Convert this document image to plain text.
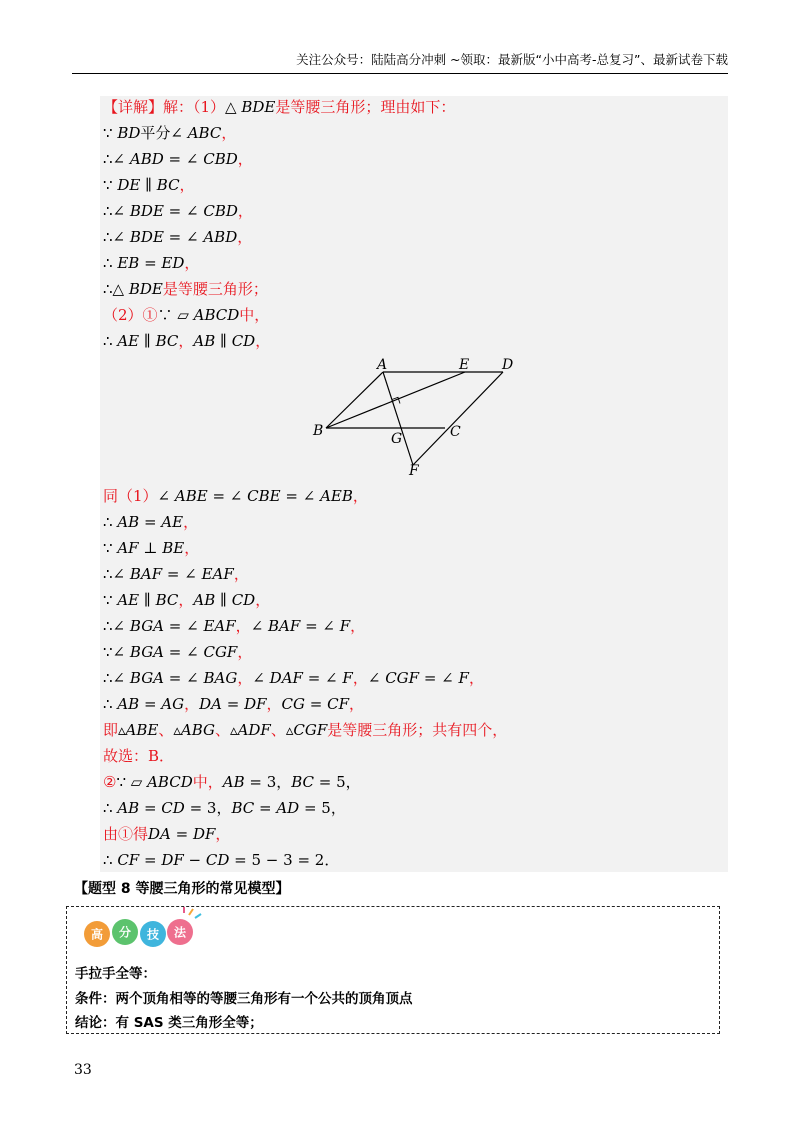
关注公众号：陆陆高分冲刺 ~领取：最新版“小中高考-总复习”、最新试卷下载
【详解】解：（1）△ BDE是等腰三角形；理由如下：
∵ BD平分∠ ABC，
∴∠ ABD = ∠ CBD，
∵ DE ∥ BC，
∴∠ BDE = ∠ CBD，
∴∠ BDE = ∠ ABD，
∴ EB = ED，
∴△ BDE是等腰三角形；
（2）①∵ ▱ ABCD中，
∴ AE ∥ BC，AB ∥ CD，
同（1）∠ ABE = ∠ CBE = ∠ AEB，
∴ AB = AE，
∵ AF ⊥ BE，
∴∠ BAF = ∠ EAF，
∵ AE ∥ BC，AB ∥ CD，
∴∠ BGA = ∠ EAF，∠ BAF = ∠ F，
∵∠ BGA = ∠ CGF，
∴∠ BGA = ∠ BAG，∠ DAF = ∠ F，∠ CGF = ∠ F，
∴ AB = AG，DA = DF，CG = CF，
即▵ABE、▵ABG、▵ADF、▵CGF是等腰三角形；共有四个，
故选：B．
②∵ ▱ ABCD中，AB = 3，BC = 5，
∴ AB = CD = 3，BC = AD = 5，
由①得DA = DF，
∴ CF = DF − CD = 5 − 3 = 2．
A	E D
B	G	C
F
【题型 8 等腰三角形的常见模型】
高 分 技 法
手拉手全等：
条件：两个顶角相等的等腰三角形有一个公共的顶角顶点
结论：有 SAS 类三角形全等；
33
